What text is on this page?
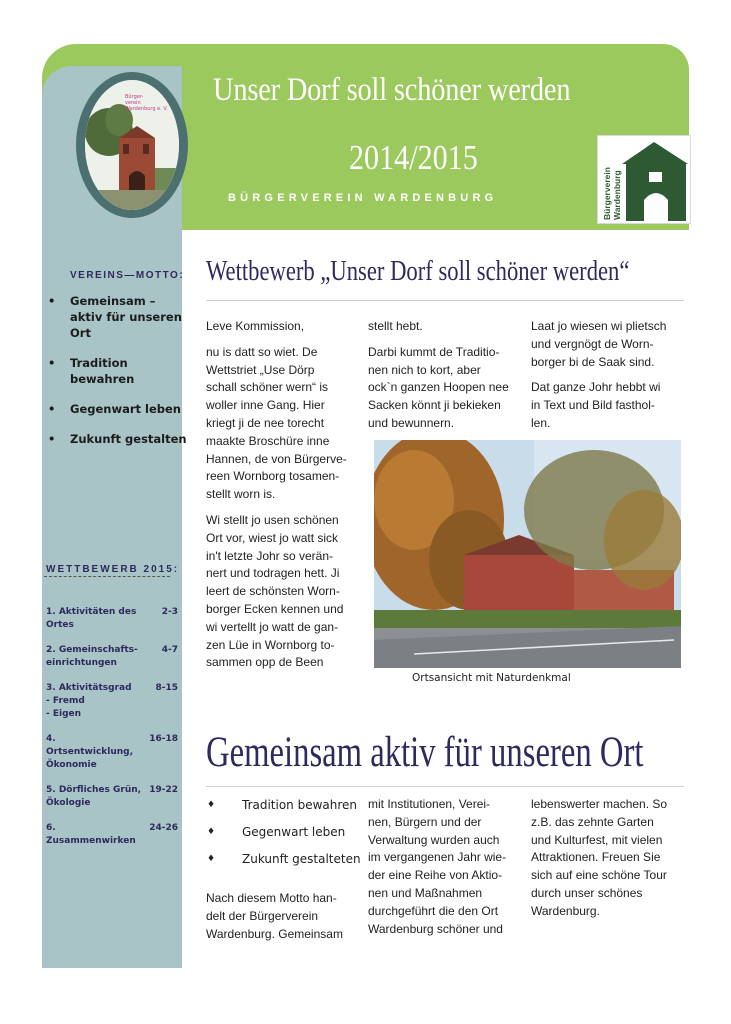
Unser Dorf soll schöner werden
2014/2015
BÜRGERVEREIN WARDENBURG	Bürgerverein Wardenburg
Bürger-
verein
Wardenburg e. V.
VEREINS—MOTTO:
• Gemeinsam – aktiv für unseren Ort
• Tradition bewahren
• Gegenwart leben
• Zukunft gestalten
WETTBEWERB 2015:
1. Aktivitäten des
Ortes
2-3
2. Gemeinschafts-
einrichtungen
4-7
3. Aktivitätsgrad
- Fremd
- Eigen
8-15
4. Ortsentwicklung,
Ökonomie
16-18
5. Dörfliches Grün,
Ökologie
19-22
6. Zusammenwirken
24-26
Wettbewerb „Unser Dorf soll schöner werden“

Leve Kommission,

nu is datt so wiet. De
Wettstriet „Use Dörp
schall schöner wern“ is
woller inne Gang. Hier
kriegt ji de nee torecht
maakte Broschüre inne
Hannen, de von Bürgerve-
reen Wornborg tosamen-
stellt worn is.

Wi stellt jo usen schönen
Ort vor, wiest jo watt sick
in't letzte Johr so verän-
nert und todragen hett. Ji
leert de schönsten Worn-
borger Ecken kennen und
wi vertellt jo watt de gan-
zen Lüe in Wornborg to-
sammen opp de Been

stellt hebt.

Darbi kummt de Traditio-
nen nich to kort, aber
ock`n ganzen Hoopen nee
Sacken könnt ji bekieken
und bewunnern.

Laat jo wiesen wi plietsch
und vergnögt de Worn-
borger bi de Saak sind.

Dat ganze Johr hebbt wi
in Text und Bild fasthol-
len.

Ortsansicht mit Naturdenkmal
Gemeinsam aktiv für unseren Ort
♦ Tradition bewahren
♦ Gegenwart leben
♦ Zukunft gestalteten

Nach diesem Motto han-
delt der Bürgerverein
Wardenburg. Gemeinsam

mit Institutionen, Verei-
nen, Bürgern und der
Verwaltung wurden auch
im vergangenen Jahr wie-
der eine Reihe von Aktio-
nen und Maßnahmen
durchgeführt die den Ort
Wardenburg schöner und

lebenswerter machen. So
z.B. das zehnte Garten
und Kulturfest, mit vielen
Attraktionen. Freuen Sie
sich auf eine schöne Tour
durch unser schönes
Wardenburg.
